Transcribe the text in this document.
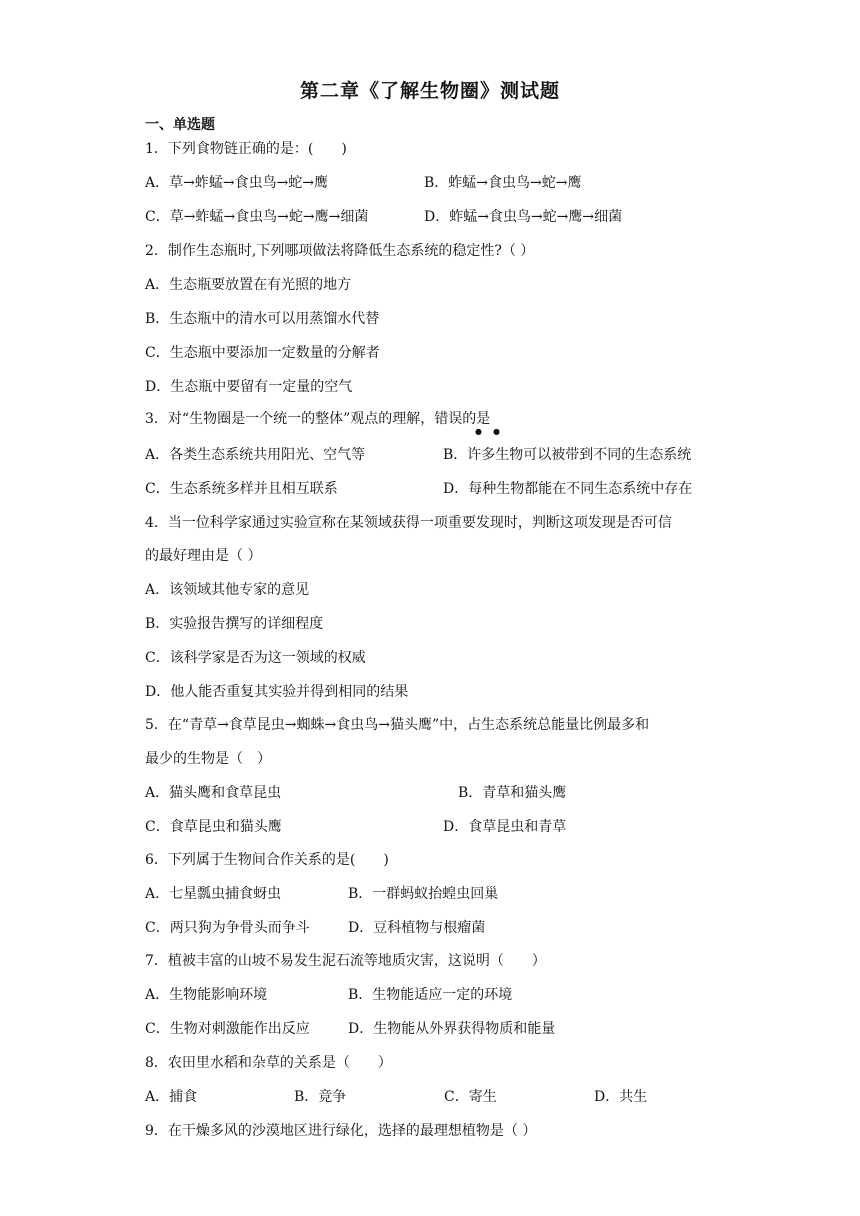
第二章《了解生物圈》测试题
一、单选题
1．下列食物链正确的是：(　　)
A．草→蚱蜢→食虫鸟→蛇→鹰	B．蚱蜢→食虫鸟→蛇→鹰
C．草→蚱蜢→食虫鸟→蛇→鹰→细菌	D．蚱蜢→食虫鸟→蛇→鹰→细菌
2．制作生态瓶时,下列哪项做法将降低生态系统的稳定性?（ ）
A．生态瓶要放置在有光照的地方
B．生态瓶中的清水可以用蒸馏水代替
C．生态瓶中要添加一定数量的分解者
D．生态瓶中要留有一定量的空气
3．对“生物圈是一个统一的整体”观点的理解，错误的是
● ●
A．各类生态系统共用阳光、空气等	B．许多生物可以被带到不同的生态系统
C．生态系统多样并且相互联系	D．每种生物都能在不同生态系统中存在
4．当一位科学家通过实验宣称在某领域获得一项重要发现时，判断这项发现是否可信
的最好理由是（ ）
A．该领域其他专家的意见
B．实验报告撰写的详细程度
C．该科学家是否为这一领域的权威
D．他人能否重复其实验并得到相同的结果
5．在“青草→食草昆虫→蜘蛛→食虫鸟→猫头鹰”中，占生态系统总能量比例最多和
最少的生物是（　）
A．猫头鹰和食草昆虫	B．青草和猫头鹰
C．食草昆虫和猫头鹰	D．食草昆虫和青草
6．下列属于生物间合作关系的是(　　)
A．七星瓢虫捕食蚜虫	B．一群蚂蚁抬蝗虫回巢
C．两只狗为争骨头而争斗	D．豆科植物与根瘤菌
7．植被丰富的山坡不易发生泥石流等地质灾害，这说明（　　）
A．生物能影响环境	B．生物能适应一定的环境
C．生物对刺激能作出反应	D．生物能从外界获得物质和能量
8．农田里水稻和杂草的关系是（　　）
A．捕食	B．竞争	C．寄生	D．共生
9．在干燥多风的沙漠地区进行绿化，选择的最理想植物是（ ）
